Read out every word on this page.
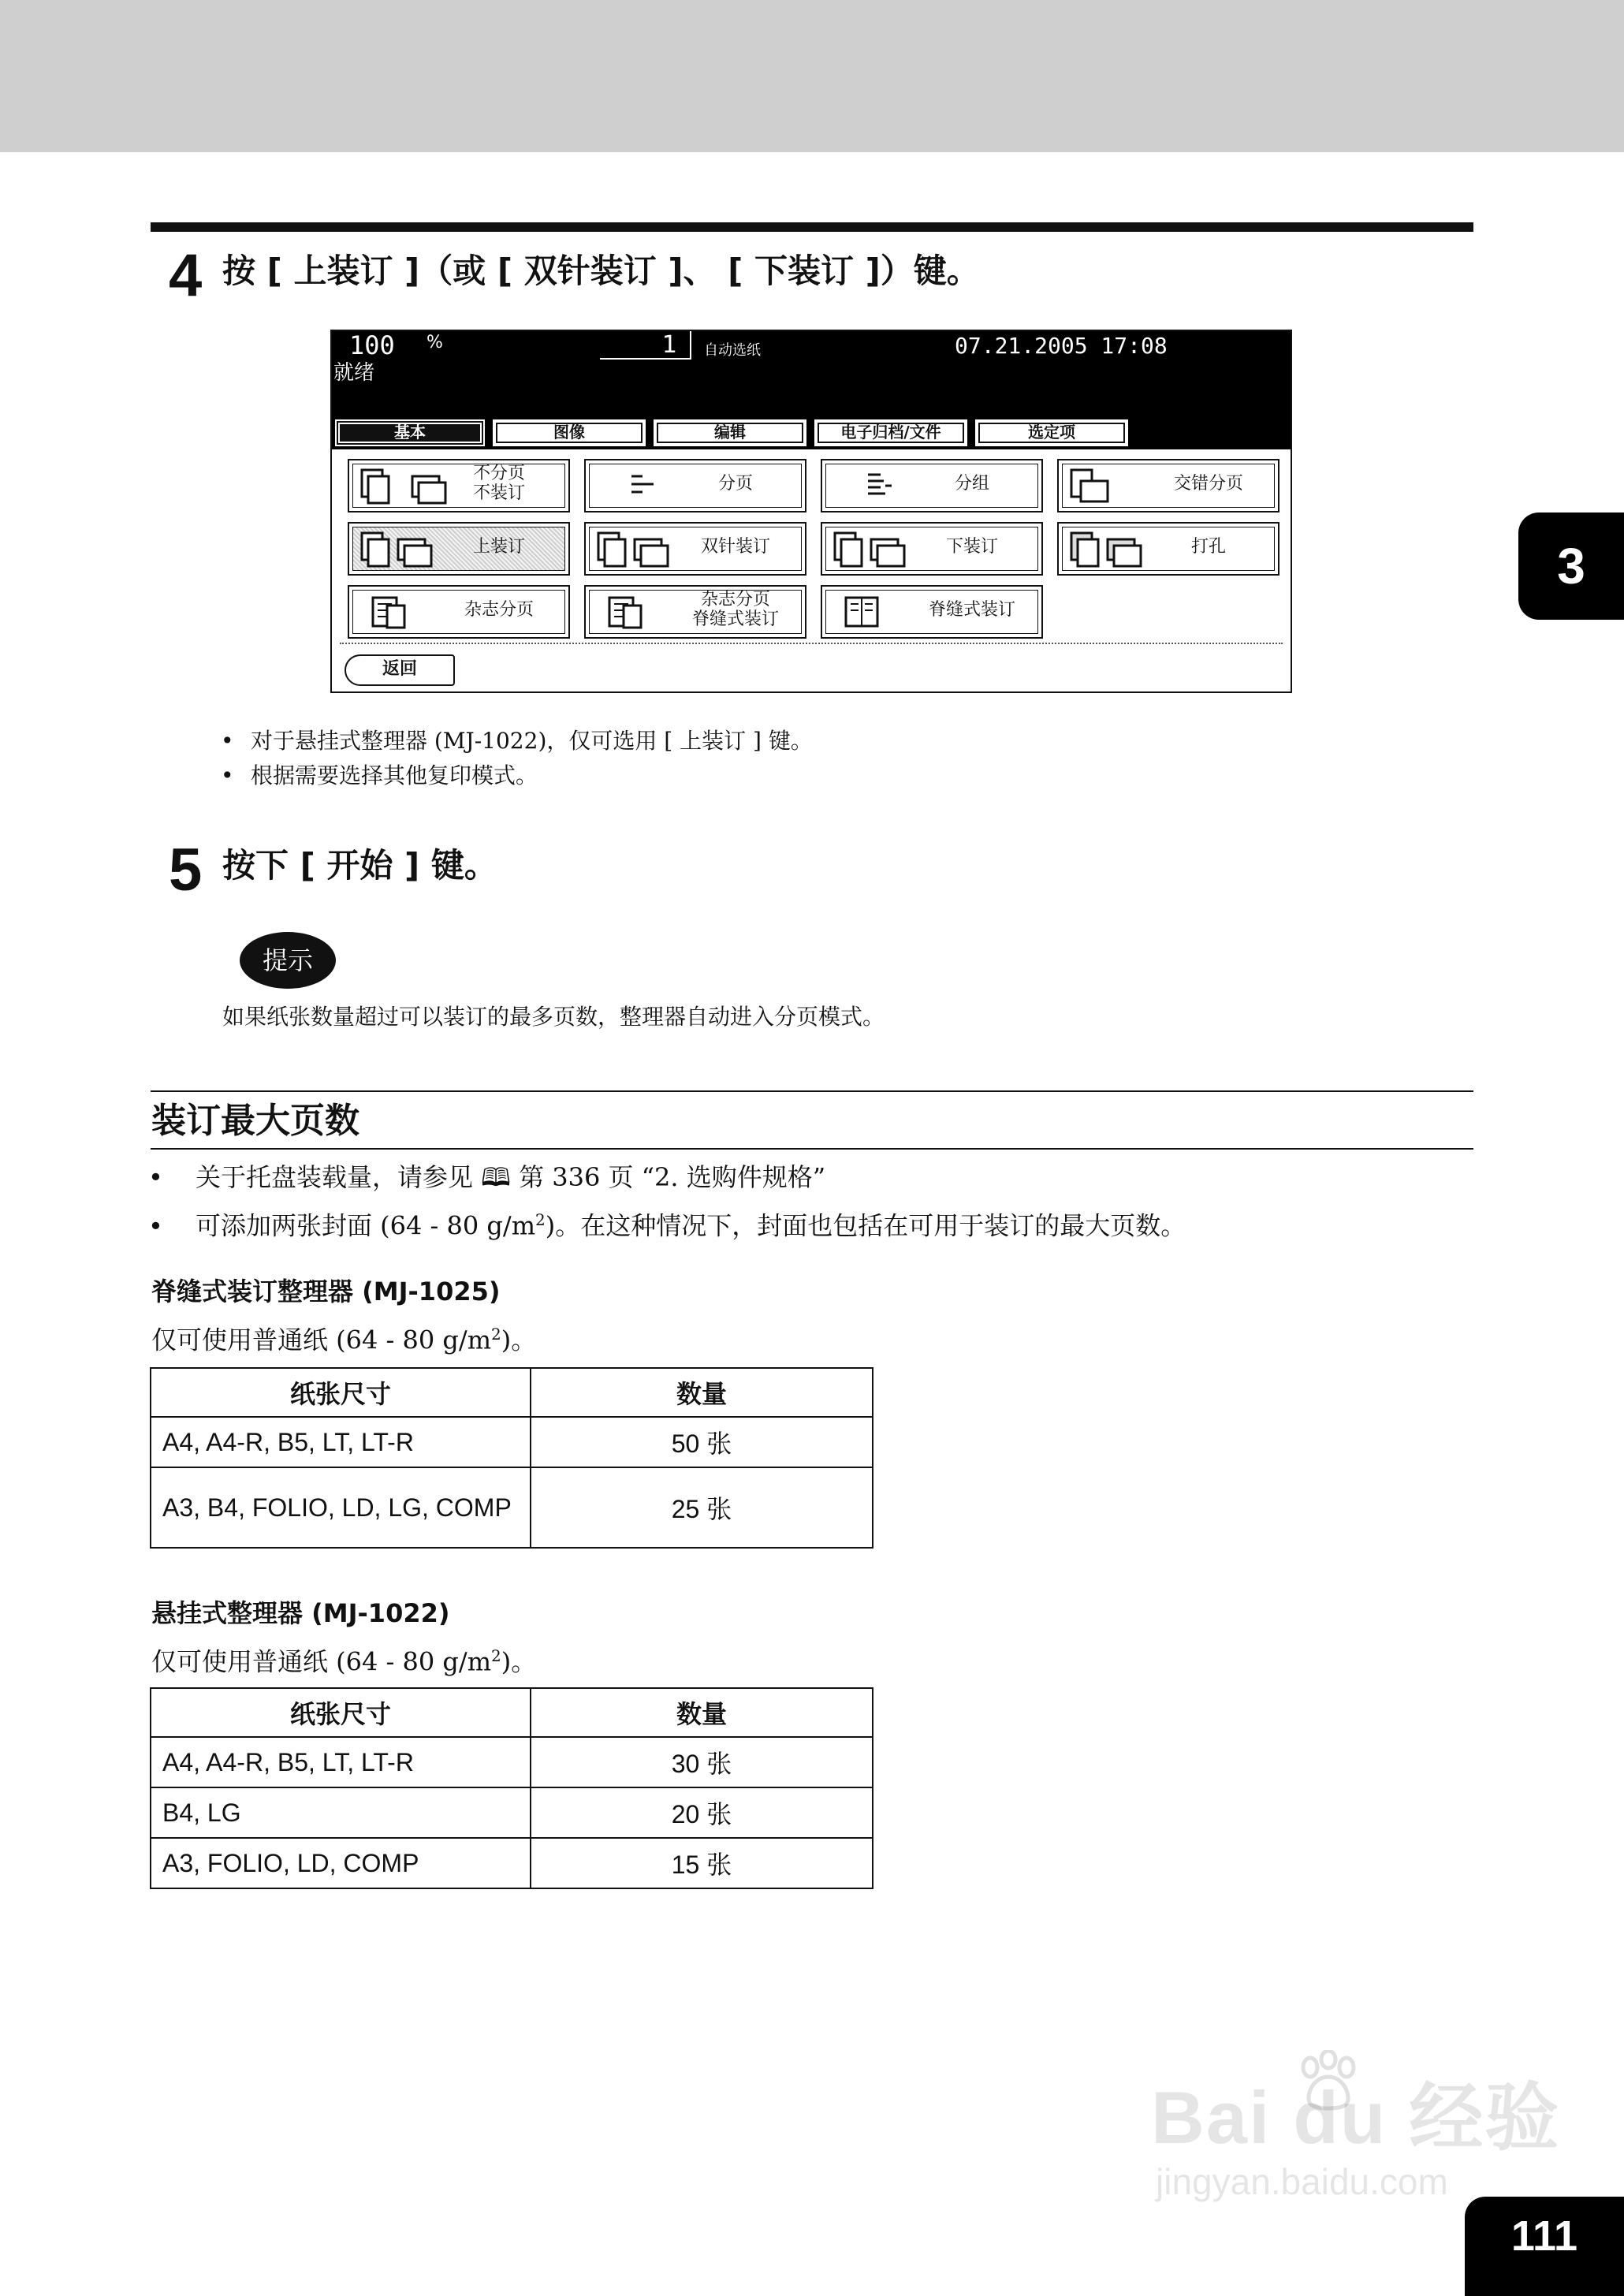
4 按 [ 上装订 ]（或 [ 双针装订 ]、 [ 下装订 ]）键。
100 %	1	自动选纸	07.21.2005 17:08
就绪
基本	图像	编辑	电子归档/文件	选定项
不分页
不装订	分页	分组	交错分页
上装订	双针装订	下装订	打孔
杂志分页	杂志分页
脊缝式装订	脊缝式装订
返回
• 对于悬挂式整理器 (MJ-1022)，仅可选用 [ 上装订 ] 键。
• 根据需要选择其他复印模式。
5 按下 [ 开始 ] 键。
提示
如果纸张数量超过可以装订的最多页数，整理器自动进入分页模式。
装订最大页数
• 关于托盘装载量，请参见 🕮 第 336 页 “2. 选购件规格”
• 可添加两张封面 (64 - 80 $g/m^2$)。在这种情况下，封面也包括在可用于装订的最大页数。
脊缝式装订整理器 (MJ-1025)
仅可使用普通纸 (64 - 80 $g/m^2$)。
纸张尺寸	数量
A4, A4-R, B5, LT, LT-R	50 张
A3, B4, FOLIO, LD, LG, COMP	25 张
悬挂式整理器 (MJ-1022)
仅可使用普通纸 (64 - 80 $g/m^2$)。
纸张尺寸	数量
A4, A4-R, B5, LT, LT-R	30 张
B4, LG	20 张
A3, FOLIO, LD, COMP	15 张
3
Bai du 经验
jingyan.baidu.com
111
